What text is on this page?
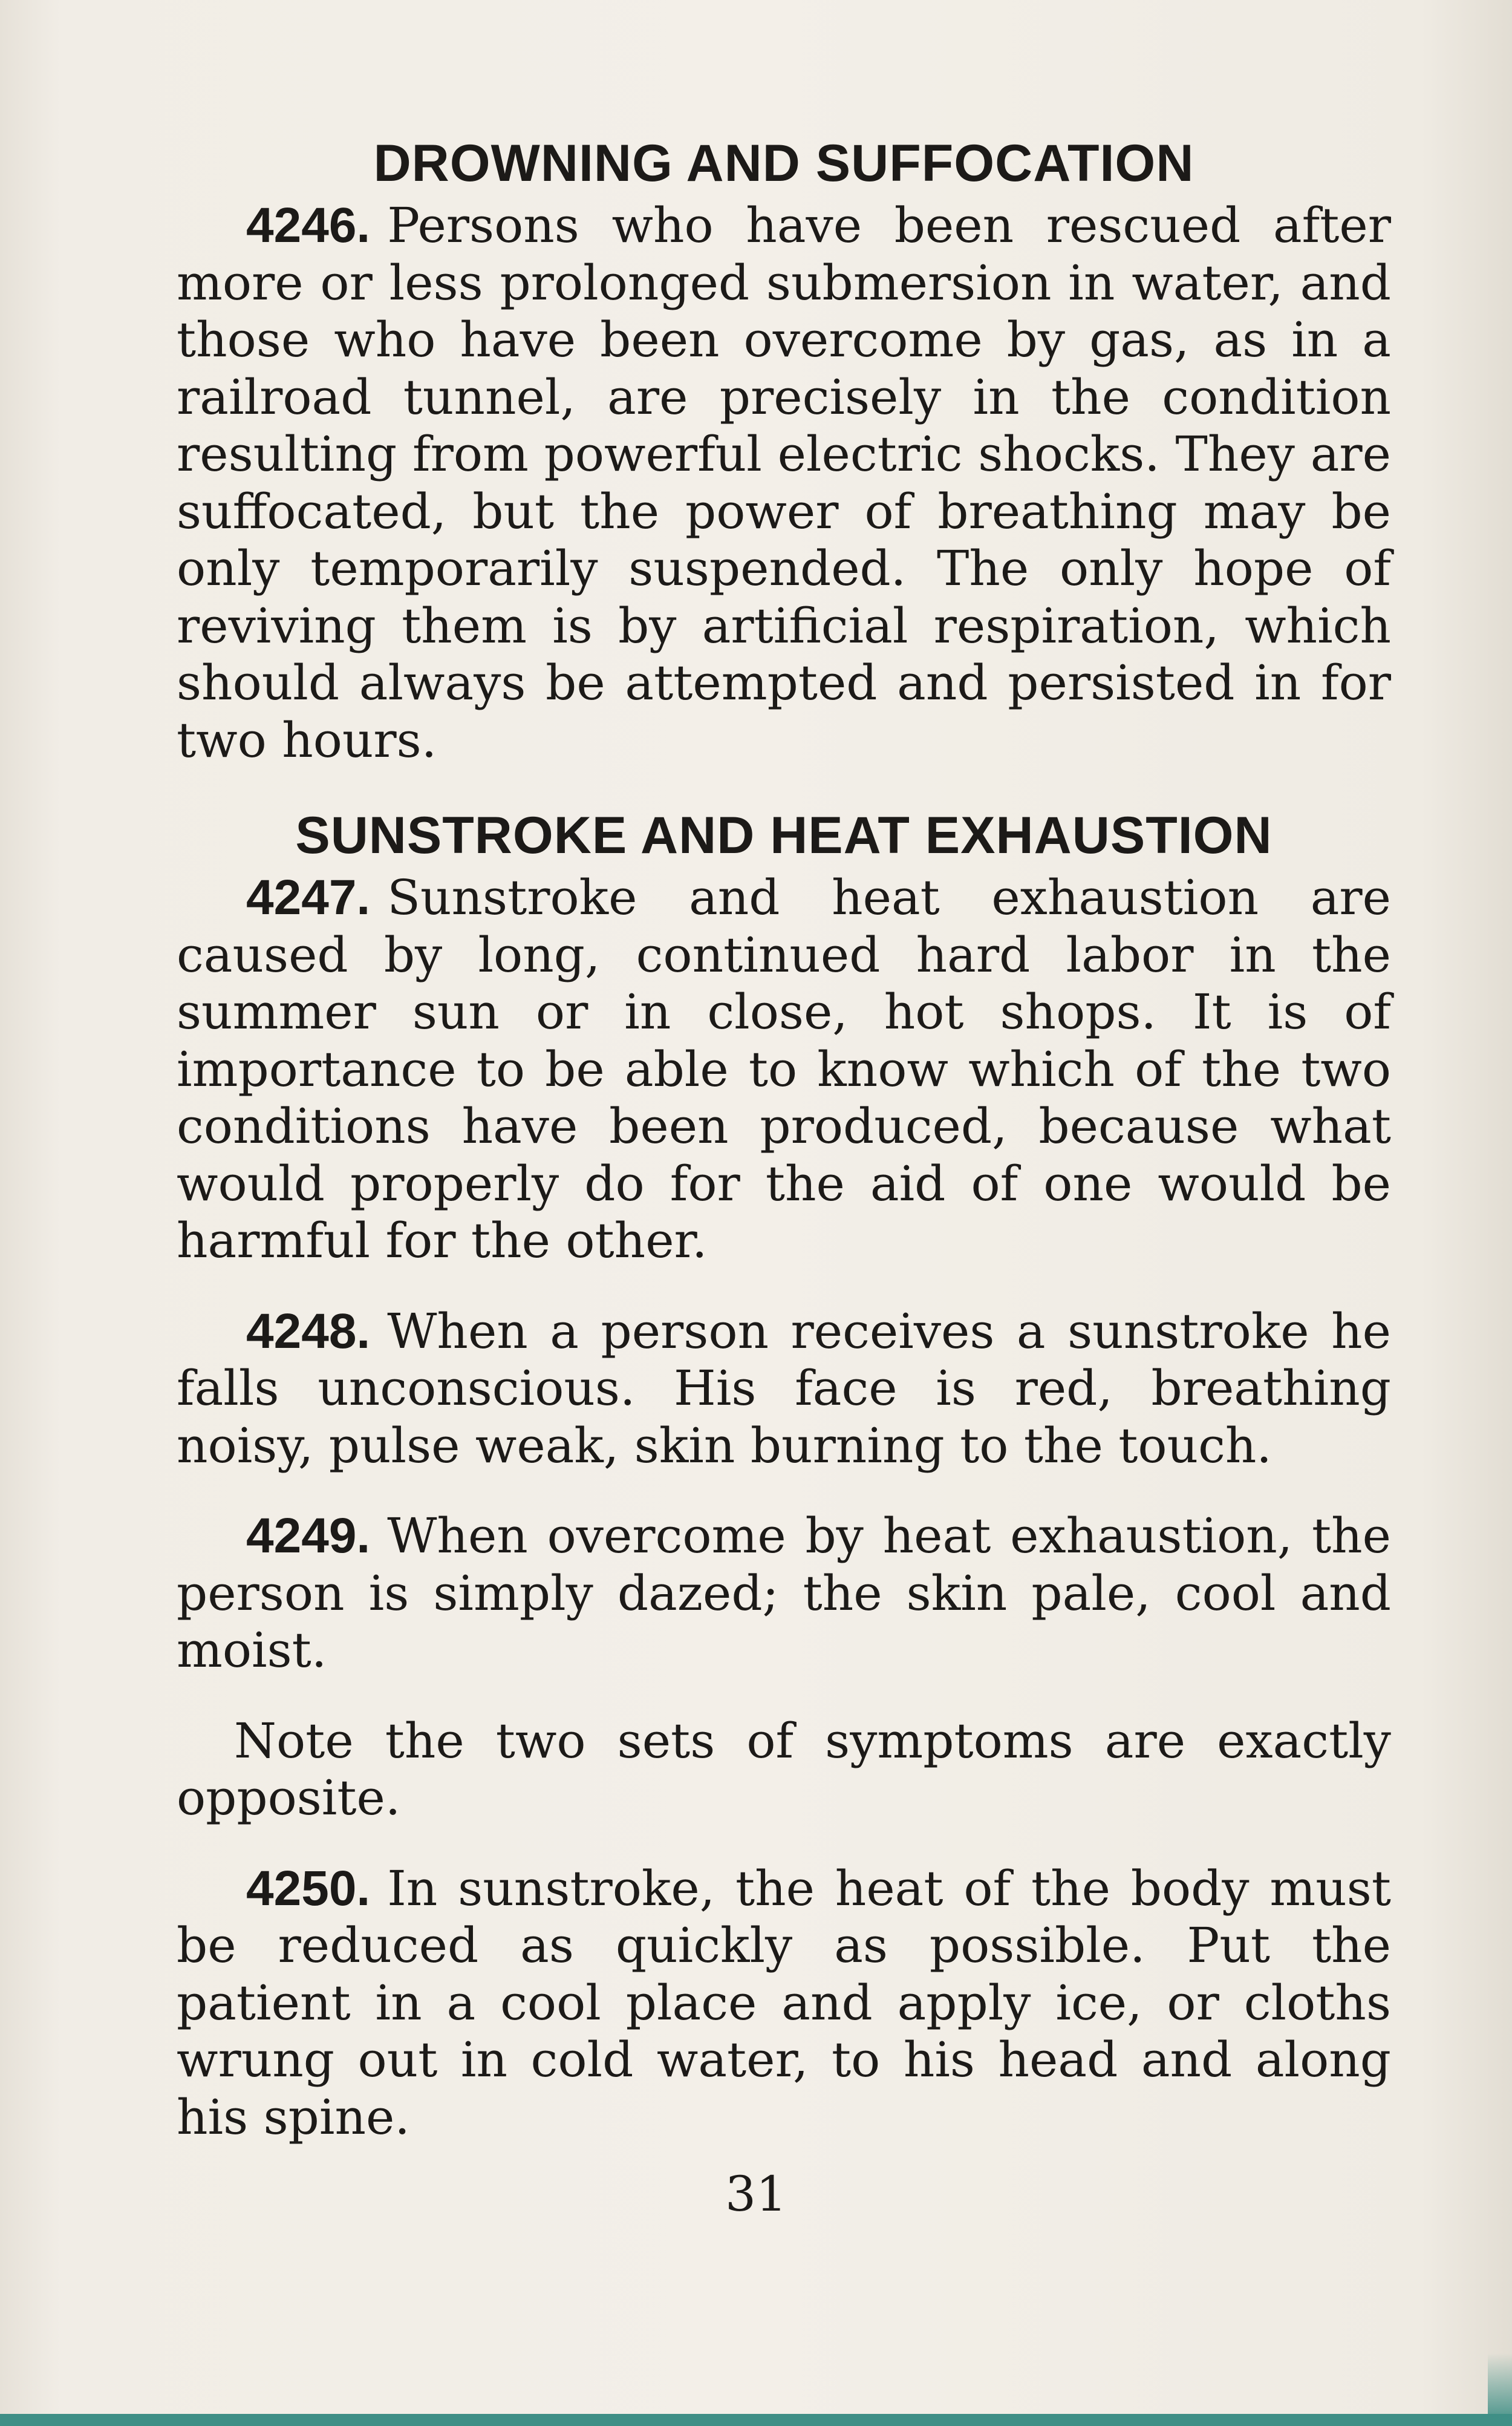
DROWNING AND SUFFOCATION

4246. Persons who have been rescued after more or less prolonged submersion in water, and those who have been overcome by gas, as in a railroad tunnel, are precisely in the condition resulting from powerful electric shocks. They are suffocated, but the power of breathing may be only temporarily suspended. The only hope of reviving them is by artificial respiration, which should always be attempted and persisted in for two hours.

SUNSTROKE AND HEAT EXHAUSTION

4247. Sunstroke and heat exhaustion are caused by long, continued hard labor in the summer sun or in close, hot shops. It is of importance to be able to know which of the two conditions have been produced, because what would properly do for the aid of one would be harmful for the other.

4248. When a person receives a sunstroke he falls unconscious. His face is red, breathing noisy, pulse weak, skin burning to the touch.

4249. When overcome by heat exhaustion, the person is simply dazed; the skin pale, cool and moist.

Note the two sets of symptoms are exactly opposite.

4250. In sunstroke, the heat of the body must be reduced as quickly as possible. Put the patient in a cool place and apply ice, or cloths wrung out in cold water, to his head and along his spine.

31
